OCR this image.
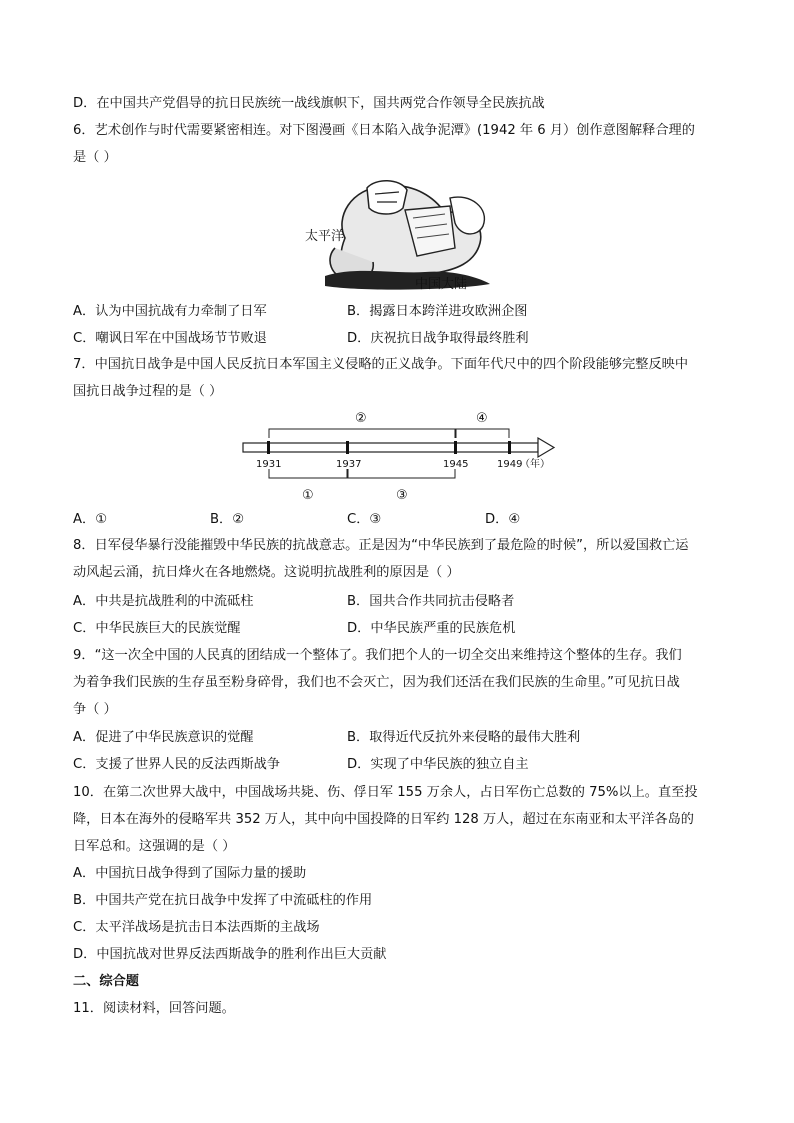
D．在中国共产党倡导的抗日民族统一战线旗帜下，国共两党合作领导全民族抗战
6．艺术创作与时代需要紧密相连。对下图漫画《日本陷入战争泥潭》(1942 年 6 月）创作意图解释合理的
是（ ）
太平洋
中国大陆
A．认为中国抗战有力牵制了日军	B．揭露日本跨洋进攻欧洲企图
C．嘲讽日军在中国战场节节败退	D．庆祝抗日战争取得最终胜利
7．中国抗日战争是中国人民反抗日本军国主义侵略的正义战争。下面年代尺中的四个阶段能够完整反映中
国抗日战争过程的是（ ）
1931	1937	1945	1949
（年）
①
②
③
④
A．①	B．②	C．③	D．④
8．日军侵华暴行没能摧毁中华民族的抗战意志。正是因为“中华民族到了最危险的时候”，所以爱国救亡运
动风起云涌，抗日烽火在各地燃烧。这说明抗战胜利的原因是（ ）
A．中共是抗战胜利的中流砥柱	B．国共合作共同抗击侵略者
C．中华民族巨大的民族觉醒	D．中华民族严重的民族危机
9．“这一次全中国的人民真的团结成一个整体了。我们把个人的一切全交出来维持这个整体的生存。我们
为着争我们民族的生存虽至粉身碎骨，我们也不会灭亡，因为我们还活在我们民族的生命里。”可见抗日战
争（ ）
A．促进了中华民族意识的觉醒	B．取得近代反抗外来侵略的最伟大胜利
C．支援了世界人民的反法西斯战争	D．实现了中华民族的独立自主
10．在第二次世界大战中，中国战场共毙、伤、俘日军 155 万余人，占日军伤亡总数的 75%以上。直至投
降，日本在海外的侵略军共 352 万人，其中向中国投降的日军约 128 万人，超过在东南亚和太平洋各岛的
日军总和。这强调的是（ ）
A．中国抗日战争得到了国际力量的援助
B．中国共产党在抗日战争中发挥了中流砥柱的作用
C．太平洋战场是抗击日本法西斯的主战场
D．中国抗战对世界反法西斯战争的胜利作出巨大贡献
二、综合题
11．阅读材料，回答问题。
